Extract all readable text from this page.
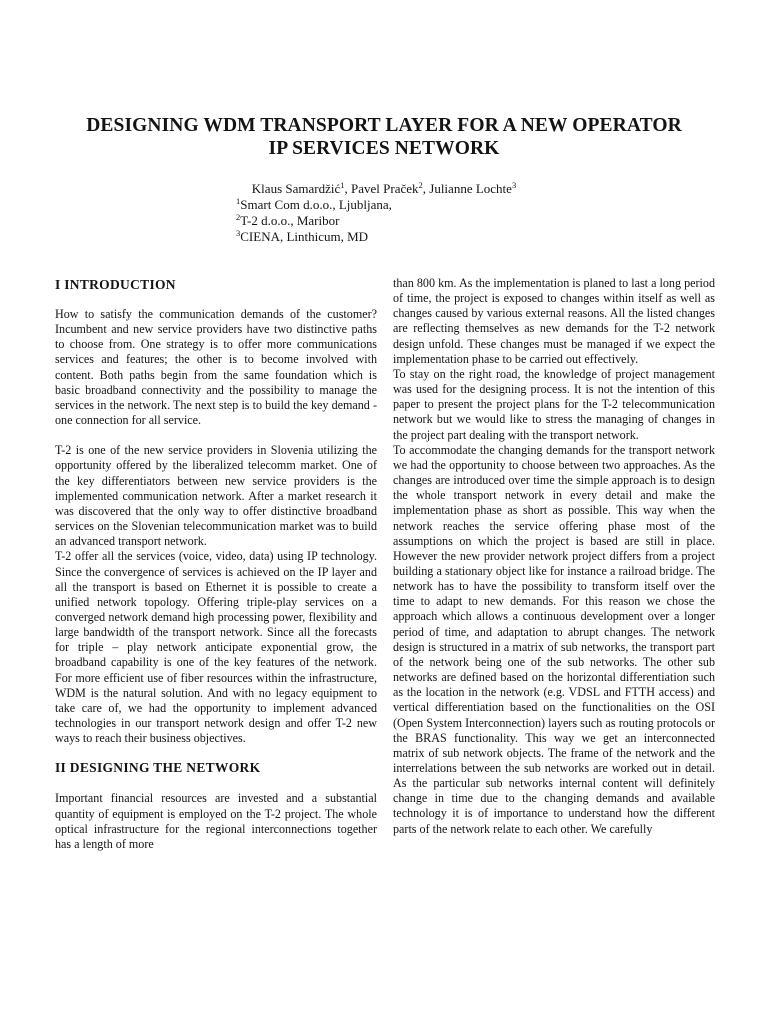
DESIGNING WDM TRANSPORT LAYER FOR A NEW OPERATOR
IP SERVICES NETWORK
Klaus Samardžić$^1$, Pavel Praček$^2$, Julianne Lochte$^3$
$^1$Smart Com d.o.o., Ljubljana,
$^2$T-2 d.o.o., Maribor
$^3$CIENA, Linthicum, MD
I INTRODUCTION

How to satisfy the communication demands of the customer? Incumbent and new service providers have two distinctive paths to choose from. One strategy is to offer more communications services and features; the other is to become involved with content. Both paths begin from the same foundation which is basic broadband connectivity and the possibility to manage the services in the network. The next step is to build the key demand - one connection for all service.

T-2 is one of the new service providers in Slovenia utilizing the opportunity offered by the liberalized telecomm market. One of the key differentiators between new service providers is the implemented communication network. After a market research it was discovered that the only way to offer distinctive broadband services on the Slovenian telecommunication market was to build an advanced transport network.

T-2 offer all the services (voice, video, data) using IP technology. Since the convergence of services is achieved on the IP layer and all the transport is based on Ethernet it is possible to create a unified network topology. Offering triple-play services on a converged network demand high processing power, flexibility and large bandwidth of the transport network. Since all the forecasts for triple – play network anticipate exponential grow, the broadband capability is one of the key features of the network. For more efficient use of fiber resources within the infrastructure, WDM is the natural solution. And with no legacy equipment to take care of, we had the opportunity to implement advanced technologies in our transport network design and offer T-2 new ways to reach their business objectives.

II DESIGNING THE NETWORK

Important financial resources are invested and a substantial quantity of equipment is employed on the T-2 project. The whole optical infrastructure for the regional interconnections together has a length of more

than 800 km. As the implementation is planed to last a long period of time, the project is exposed to changes within itself as well as changes caused by various external reasons. All the listed changes are reflecting themselves as new demands for the T-2 network design unfold. These changes must be managed if we expect the implementation phase to be carried out effectively.

To stay on the right road, the knowledge of project management was used for the designing process. It is not the intention of this paper to present the project plans for the T-2 telecommunication network but we would like to stress the managing of changes in the project part dealing with the transport network.

To accommodate the changing demands for the transport network we had the opportunity to choose between two approaches. As the changes are introduced over time the simple approach is to design the whole transport network in every detail and make the implementation phase as short as possible. This way when the network reaches the service offering phase most of the assumptions on which the project is based are still in place. However the new provider network project differs from a project building a stationary object like for instance a railroad bridge. The network has to have the possibility to transform itself over the time to adapt to new demands. For this reason we chose the approach which allows a continuous development over a longer period of time, and adaptation to abrupt changes. The network design is structured in a matrix of sub networks, the transport part of the network being one of the sub networks. The other sub networks are defined based on the horizontal differentiation such as the location in the network (e.g. VDSL and FTTH access) and vertical differentiation based on the functionalities on the OSI (Open System Interconnection) layers such as routing protocols or the BRAS functionality. This way we get an interconnected matrix of sub network objects. The frame of the network and the interrelations between the sub networks are worked out in detail. As the particular sub networks internal content will definitely change in time due to the changing demands and available technology it is of importance to understand how the different parts of the network relate to each other. We carefully
